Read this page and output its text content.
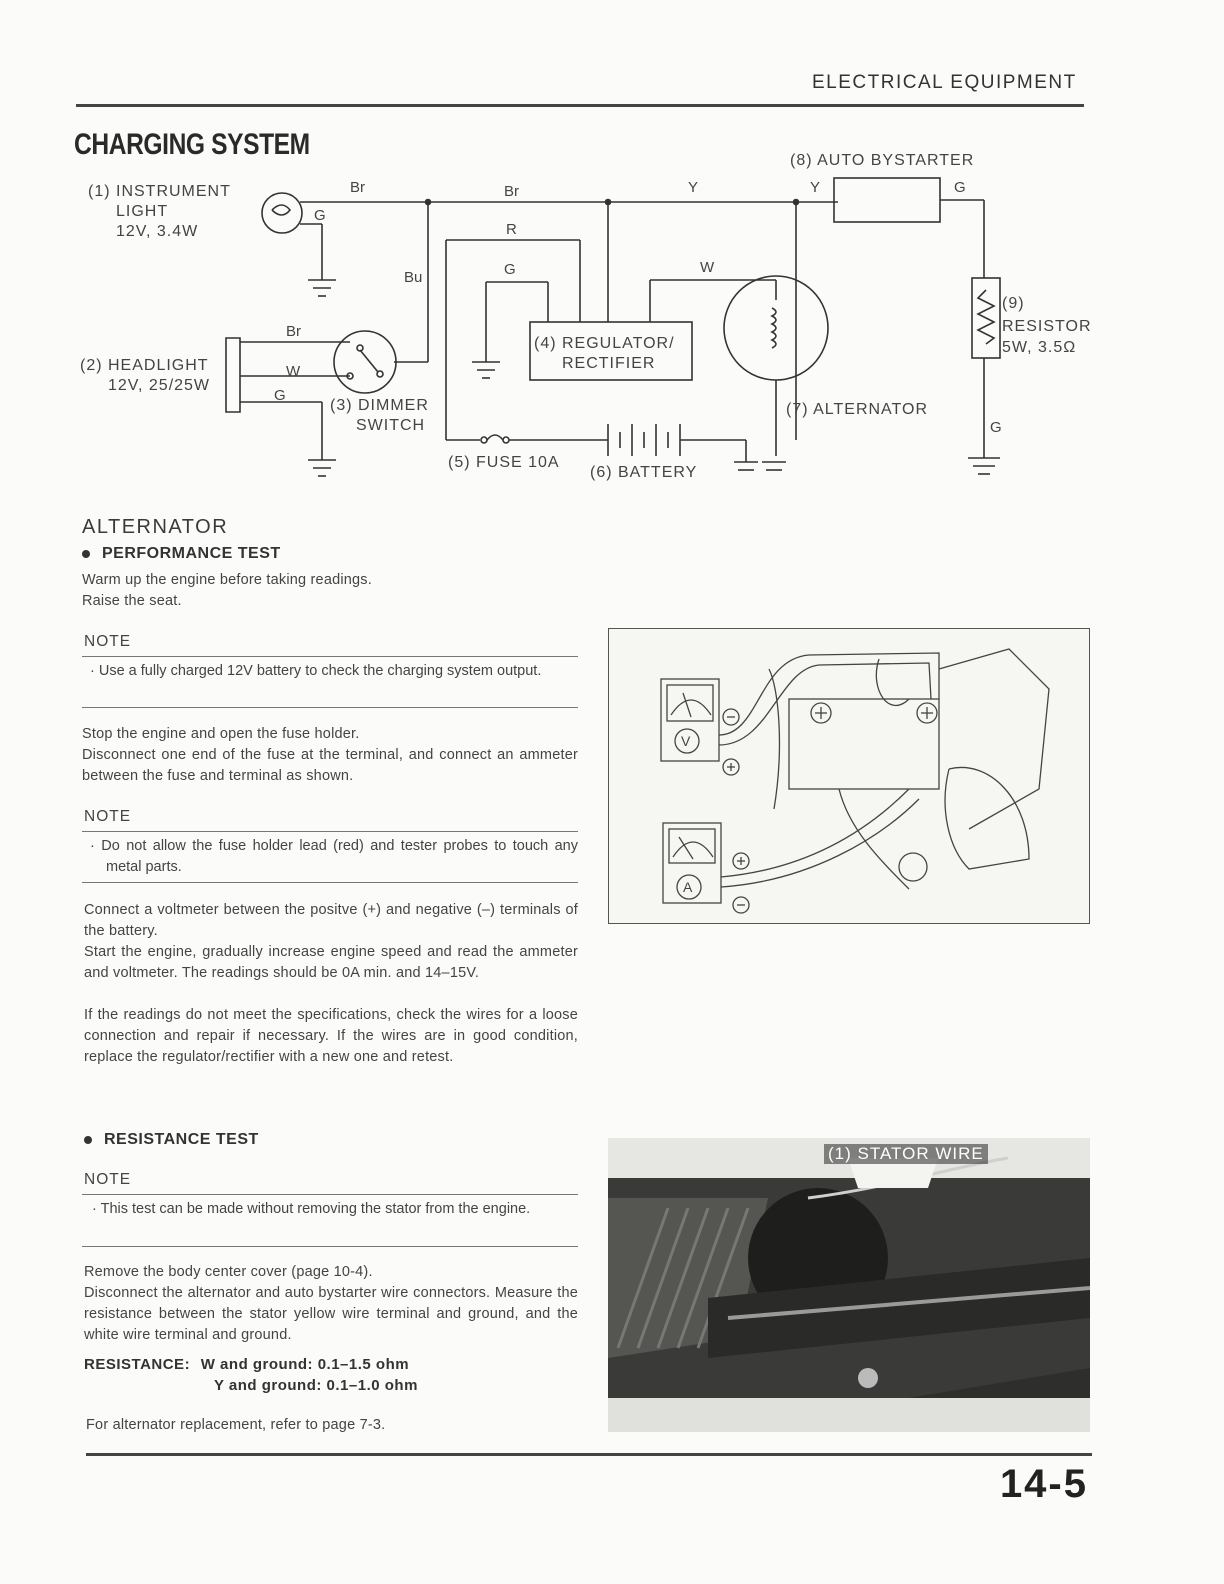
ELECTRICAL EQUIPMENT
CHARGING SYSTEM
(1) INSTRUMENT
LIGHT
12V, 3.4W
(2) HEADLIGHT
12V, 25/25W
(3) DIMMER
SWITCH
(4) REGULATOR/
RECTIFIER
(5) FUSE 10A
(6) BATTERY
(7) ALTERNATOR
(8) AUTO BYSTARTER
(9)
RESISTOR
5W, 3.5Ω
G
Br	Br	Y	Y	G
R
G	W
Bu
Br
W
G
G
ALTERNATOR
PERFORMANCE TEST
Warm up the engine before taking readings.
Raise the seat.
NOTE
· Use a fully charged 12V battery to check the charging system output.
Stop the engine and open the fuse holder.
Disconnect one end of the fuse at the terminal, and connect an ammeter between the fuse and terminal as shown.
NOTE
· Do not allow the fuse holder lead (red) and tester probes to touch any metal parts.
Connect a voltmeter between the positve (+) and negative (–) terminals of the battery.
Start the engine, gradually increase engine speed and read the ammeter and voltmeter. The readings should be 0A min. and 14–15V.
If the readings do not meet the specifications, check the wires for a loose connection and repair if necessary. If the wires are in good condition, replace the regulator/rectifier with a new one and retest.
V
A
RESISTANCE TEST
NOTE
· This test can be made without removing the stator from the engine.
Remove the body center cover (page 10-4).
Disconnect the alternator and auto bystarter wire connectors. Measure the resistance between the stator yellow wire terminal and ground, and the white wire terminal and ground.
RESISTANCE: W and ground: 0.1–1.5 ohm
Y and ground: 0.1–1.0 ohm
For alternator replacement, refer to page 7-3.
(1) STATOR WIRE
14-5
